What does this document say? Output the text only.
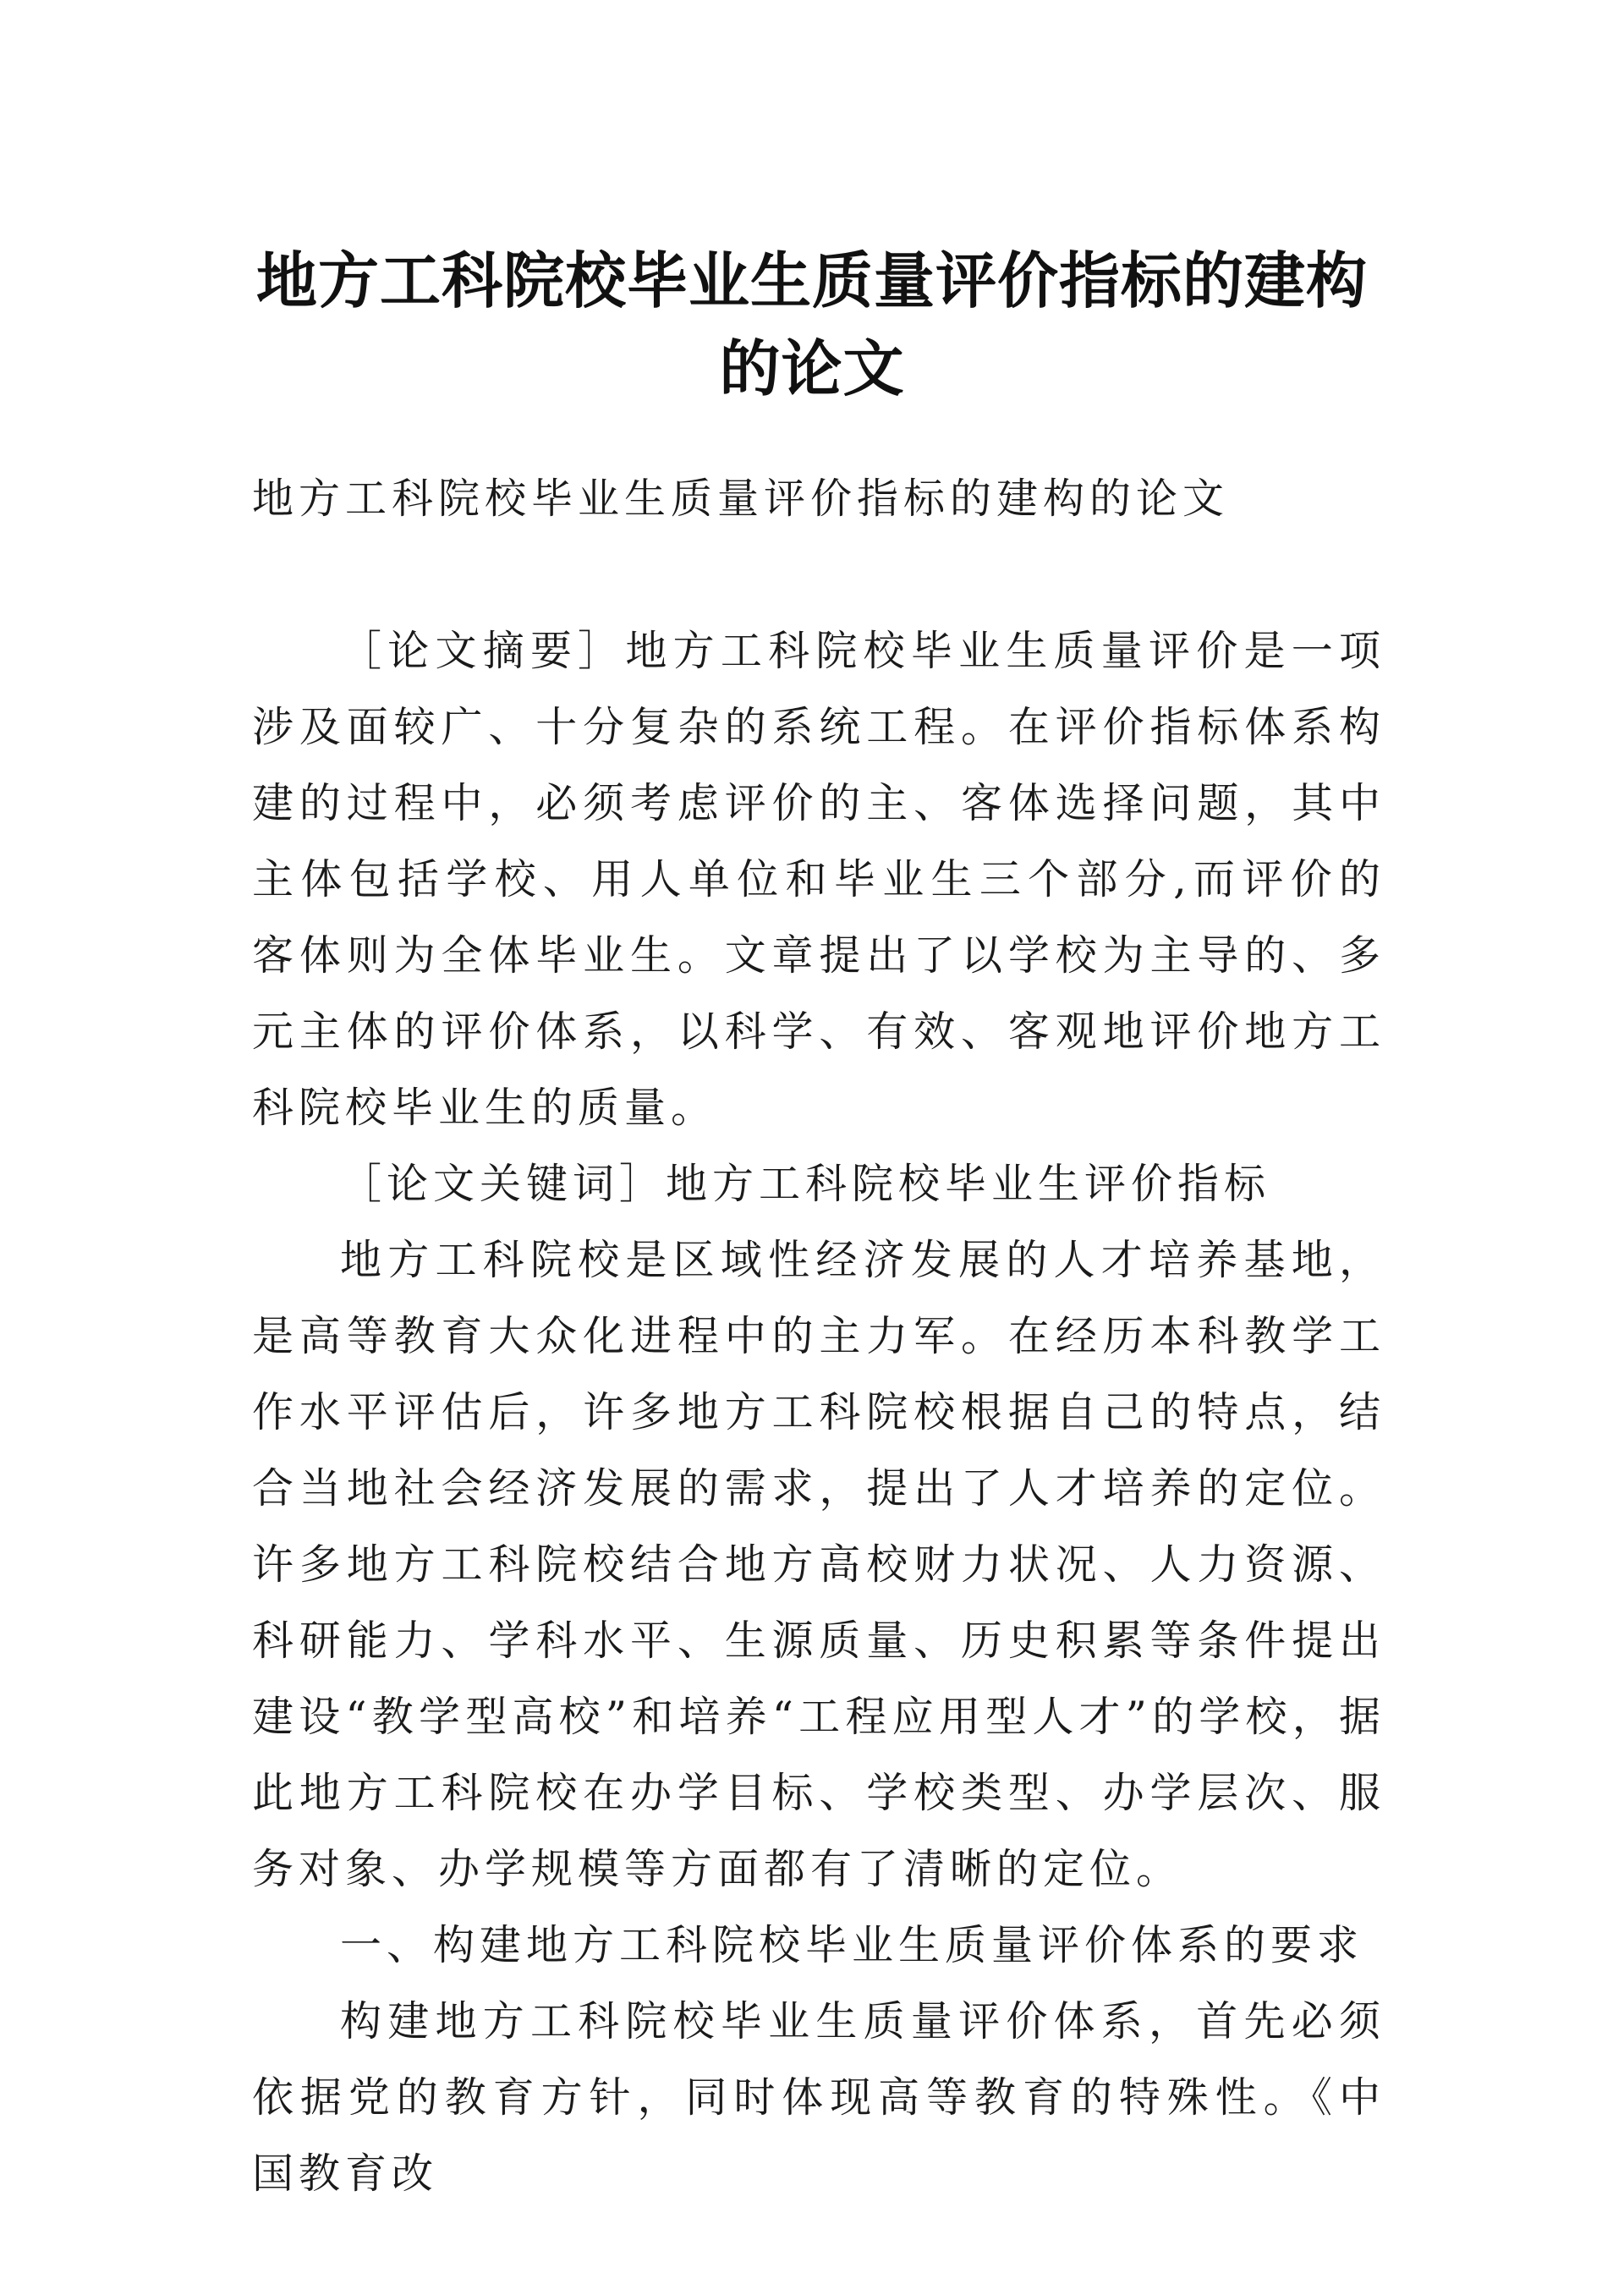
地方工科院校毕业生质量评价指标的建构
的论文

地方工科院校毕业生质量评价指标的建构的论文

［论文摘要］地方工科院校毕业生质量评价是一项涉及面较广、十分复杂的系统工程。在评价指标体系构建的过程中，必须考虑评价的主、客体选择问题，其中主体包括学校、用人单位和毕业生三个部分,而评价的客体则为全体毕业生。文章提出了以学校为主导的、多元主体的评价体系，以科学、有效、客观地评价地方工科院校毕业生的质量。

［论文关键词］地方工科院校毕业生评价指标

地方工科院校是区域性经济发展的人才培养基地，是高等教育大众化进程中的主力军。在经历本科教学工作水平评估后，许多地方工科院校根据自己的特点，结合当地社会经济发展的需求，提出了人才培养的定位。许多地方工科院校结合地方高校财力状况、人力资源、科研能力、学科水平、生源质量、历史积累等条件提出建设“教学型高校”和培养“工程应用型人才”的学校，据此地方工科院校在办学目标、学校类型、办学层次、服务对象、办学规模等方面都有了清晰的定位。

一、构建地方工科院校毕业生质量评价体系的要求

构建地方工科院校毕业生质量评价体系，首先必须依据党的教育方针，同时体现高等教育的特殊性。《中国教育改
